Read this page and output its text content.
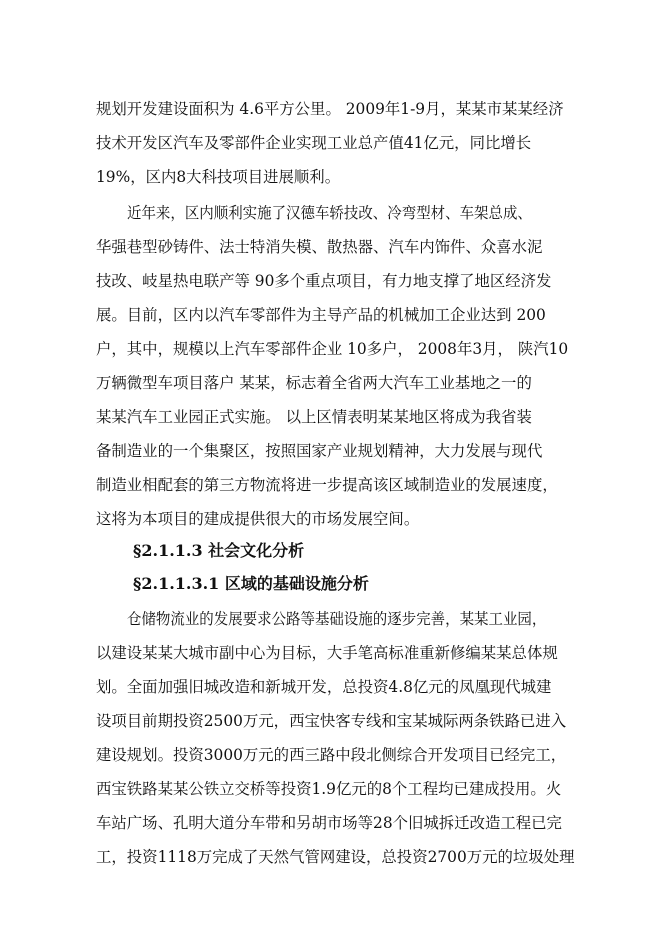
规划开发建设面积为 4.6平方公里。 2009年1-9月，某某市某某经济
技术开发区汽车及零部件企业实现工业总产值41亿元，同比增长
19%，区内8大科技项目进展顺利。
近年来，区内顺利实施了汉德车轿技改、冷弯型材、车架总成、
华强巷型砂铸件、法士特消失模、散热器、汽车内饰件、众喜水泥
技改、岐星热电联产等 90多个重点项目，有力地支撑了地区经济发
展。目前，区内以汽车零部件为主导产品的机械加工企业达到 200
户，其中，规模以上汽车零部件企业 10多户， 2008年3月， 陕汽10
万辆微型车项目落户 某某，标志着全省两大汽车工业基地之一的
某某汽车工业园正式实施。 以上区情表明某某地区将成为我省装
备制造业的一个集聚区，按照国家产业规划精神，大力发展与现代
制造业相配套的第三方物流将进一步提高该区域制造业的发展速度，
这将为本项目的建成提供很大的市场发展空间。
§2.1.1.3 社会文化分析
§2.1.1.3.1 区域的基础设施分析
仓储物流业的发展要求公路等基础设施的逐步完善，某某工业园，
以建设某某大城市副中心为目标，大手笔高标准重新修编某某总体规
划。全面加强旧城改造和新城开发，总投资4.8亿元的凤凰现代城建
设项目前期投资2500万元，西宝快客专线和宝某城际两条铁路已进入
建设规划。投资3000万元的西三路中段北侧综合开发项目已经完工，
西宝铁路某某公铁立交桥等投资1.9亿元的8个工程均已建成投用。火
车站广场、孔明大道分车带和另胡市场等28个旧城拆迁改造工程已完
工，投资1118万完成了天然气管网建设，总投资2700万元的垃圾处理
